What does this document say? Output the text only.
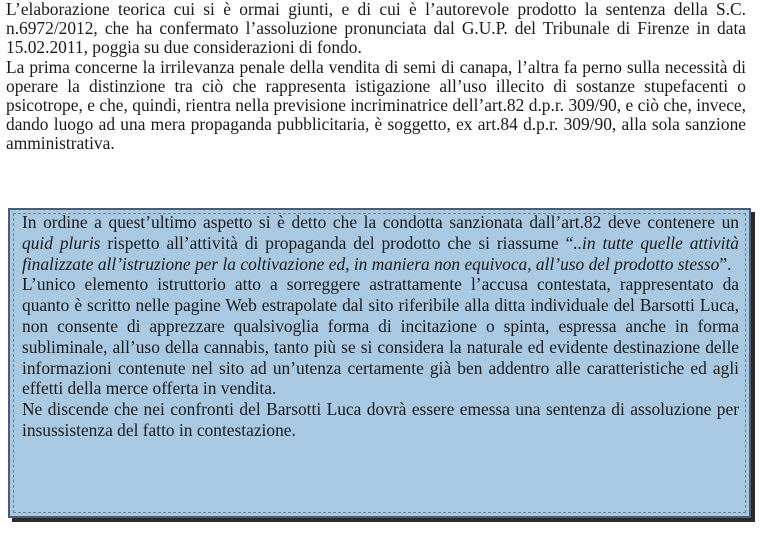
L’elaborazione teorica cui si è ormai giunti, e di cui è l’autorevole prodotto la sentenza della S.C. n.6972/2012, che ha confermato l’assoluzione pronunciata dal G.U.P. del Tribunale di Firenze in data 15.02.2011, poggia su due considerazioni di fondo.

La prima concerne la irrilevanza penale della vendita di semi di canapa, l’altra fa perno sulla necessità di operare la distinzione tra ciò che rappresenta istigazione all’uso illecito di sostanze stupefacenti o psicotrope, e che, quindi, rientra nella previsione incriminatrice dell’art.82 d.p.r. 309/90, e ciò che, invece, dando luogo ad una mera propaganda pubblicitaria, è soggetto, ex art.84 d.p.r. 309/90, alla sola sanzione amministrativa.

In ordine a quest’ultimo aspetto si è detto che la condotta sanzionata dall’art.82 deve contenere un quid pluris rispetto all’attività di propaganda del prodotto che si riassume “..in tutte quelle attività finalizzate all’istruzione per la coltivazione ed, in maniera non equivoca, all’uso del prodotto stesso”.

L’unico elemento istruttorio atto a sorreggere astrattamente l’accusa contestata, rappresentato da quanto è scritto nelle pagine Web estrapolate dal sito riferibile alla ditta individuale del Barsotti Luca, non consente di apprezzare qualsivoglia forma di incitazione o spinta, espressa anche in forma subliminale, all’uso della cannabis, tanto più se si considera la naturale ed evidente destinazione delle informazioni contenute nel sito ad un’utenza certamente già ben addentro alle caratteristiche ed agli effetti della merce offerta in vendita.

Ne discende che nei confronti del Barsotti Luca dovrà essere emessa una sentenza di assoluzione per insussistenza del fatto in contestazione.
